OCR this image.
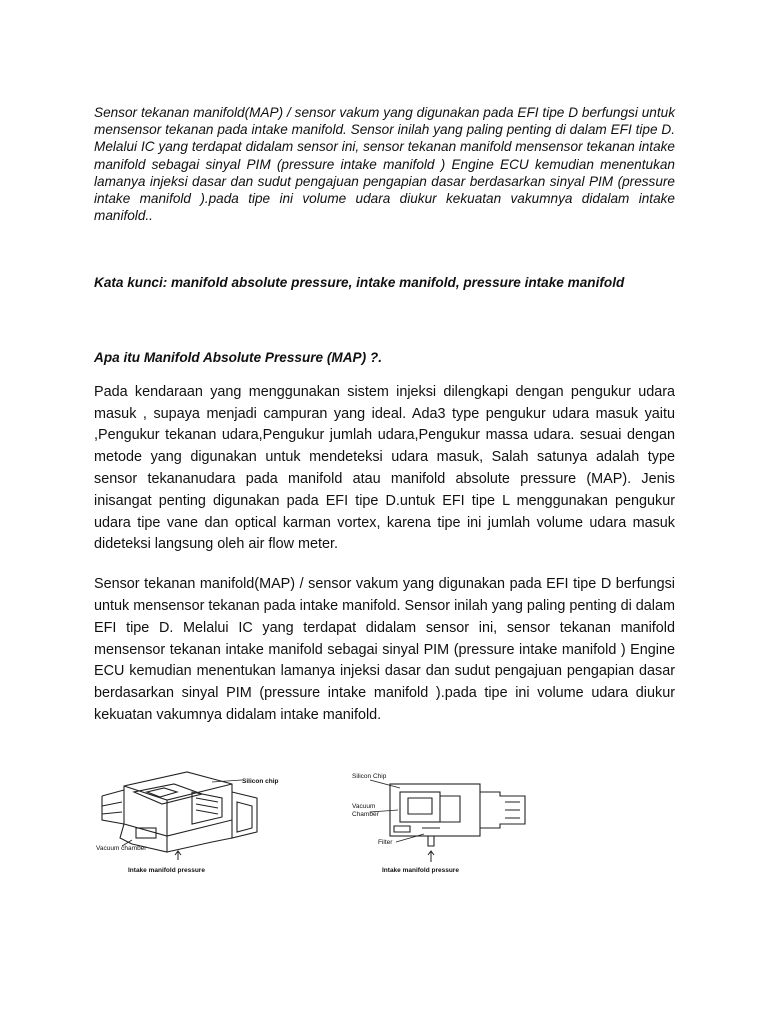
Sensor tekanan manifold(MAP) / sensor vakum yang digunakan pada EFI tipe D berfungsi untuk mensensor tekanan pada intake manifold. Sensor inilah yang paling penting di dalam EFI tipe D. Melalui IC yang terdapat didalam sensor ini, sensor tekanan manifold mensensor tekanan intake manifold sebagai sinyal PIM (pressure intake manifold ) Engine ECU kemudian menentukan lamanya injeksi dasar dan sudut pengajuan pengapian dasar berdasarkan sinyal PIM (pressure intake manifold ).pada tipe ini volume udara diukur kekuatan vakumnya didalam intake manifold..

Kata kunci: manifold absolute pressure, intake manifold, pressure intake manifold

Apa itu Manifold Absolute Pressure (MAP) ?.

Pada kendaraan yang menggunakan sistem injeksi dilengkapi dengan pengukur udara masuk , supaya menjadi campuran yang ideal. Ada3 type pengukur udara masuk yaitu ,Pengukur tekanan udara,Pengukur jumlah udara,Pengukur massa udara. sesuai dengan metode yang digunakan untuk mendeteksi udara masuk, Salah satunya adalah type sensor tekananudara pada manifold atau manifold absolute pressure (MAP). Jenis inisangat penting digunakan pada EFI tipe D.untuk EFI tipe L menggunakan pengukur udara tipe vane dan optical karman vortex, karena tipe ini jumlah volume udara masuk dideteksi langsung oleh air flow meter.

Sensor tekanan manifold(MAP) / sensor vakum yang digunakan pada EFI tipe D berfungsi untuk mensensor tekanan pada intake manifold. Sensor inilah yang paling penting di dalam EFI tipe D. Melalui IC yang terdapat didalam sensor ini, sensor tekanan manifold mensensor tekanan intake manifold sebagai sinyal PIM (pressure intake manifold ) Engine ECU kemudian menentukan lamanya injeksi dasar dan sudut pengajuan pengapian dasar berdasarkan sinyal PIM (pressure intake manifold ).pada tipe ini volume udara diukur kekuatan vakumnya didalam intake manifold.

Silicon chip
Vacuum chamber
Intake manifold pressure
Silicon Chip
Vacuum
Chamber
Filter
Intake manifold pressure
